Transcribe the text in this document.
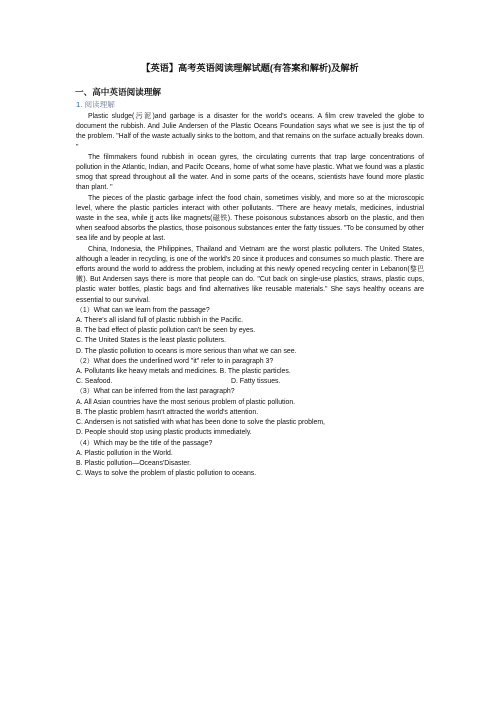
【英语】高考英语阅读理解试题(有答案和解析)及解析
一、高中英语阅读理解
1. 阅读理解

Plastic sludge(污泥)and garbage is a disaster for the world's oceans. A film crew traveled the globe to document the rubbish. And Julie Andersen of the Plastic Oceans Foundation says what we see is just the tip of the problem. "Half of the waste actually sinks to the bottom, and that remains on the surface actually breaks down. "

The filmmakers found rubbish in ocean gyres, the circulating currents that trap large concentrations of pollution in the Atlantic, Indian, and Pacifc Oceans, home of what some have plastic. What we found was a plastic smog that spread throughout all the water. And in some parts of the oceans, scientists have found more plastic than plant. "

The pieces of the plastic garbage infect the food chain, sometimes visibly, and more so at the microscopic level, where the plastic particles interact with other pollutants. "There are heavy metals, medicines, industrial waste in the sea, while it acts like magnets(磁铁). These poisonous substances absorb on the plastic, and then when seafood absorbs the plastics, those poisonous substances enter the fatty tissues. "To be consumed by other sea life and by people at last.

China, Indonesia, the Philippines, Thailand and Vietnam are the worst plastic polluters. The United States, although a leader in recycling, is one of the world's 20 since it produces and consumes so much plastic. There are efforts around the world to address the problem, including at this newly opened recycling center in Lebanon(黎巴嫩). But Andersen says there is more that people can do. "Cut back on single-use plastics, straws, plastic cups, plastic water bottles, plastic bags and find alternatives like reusable materials." She says healthy oceans are essential to our survival.

（1）What can we learn from the passage?

A. There's all island full of plastic rubbish in the Pacific.

B. The bad effect of plastic pollution can't be seen by eyes.

C. The United States is the least plastic polluters.

D. The plastic pollution to oceans is more serious than what we can see.

（2）What does the underlined word "it" refer to in paragraph 3?

A. Pollutants like heavy metals and medicines. B. The plastic particles.

C. Seafood.	D. Fatty tissues.

（3）What can be inferred from the last paragraph?

A. All Asian countries have the most serious problem of plastic pollution.

B. The plastic problem hasn't attracted the world's attention.

C. Andersen is not satisfied with what has been done to solve the plastic problem,

D. People should stop using plastic products immediately.

（4）Which may be the title of the passage?

A. Plastic pollution in the World.

B. Plastic pollution—Oceans'Disaster.

C. Ways to solve the problem of plastic pollution to oceans.
